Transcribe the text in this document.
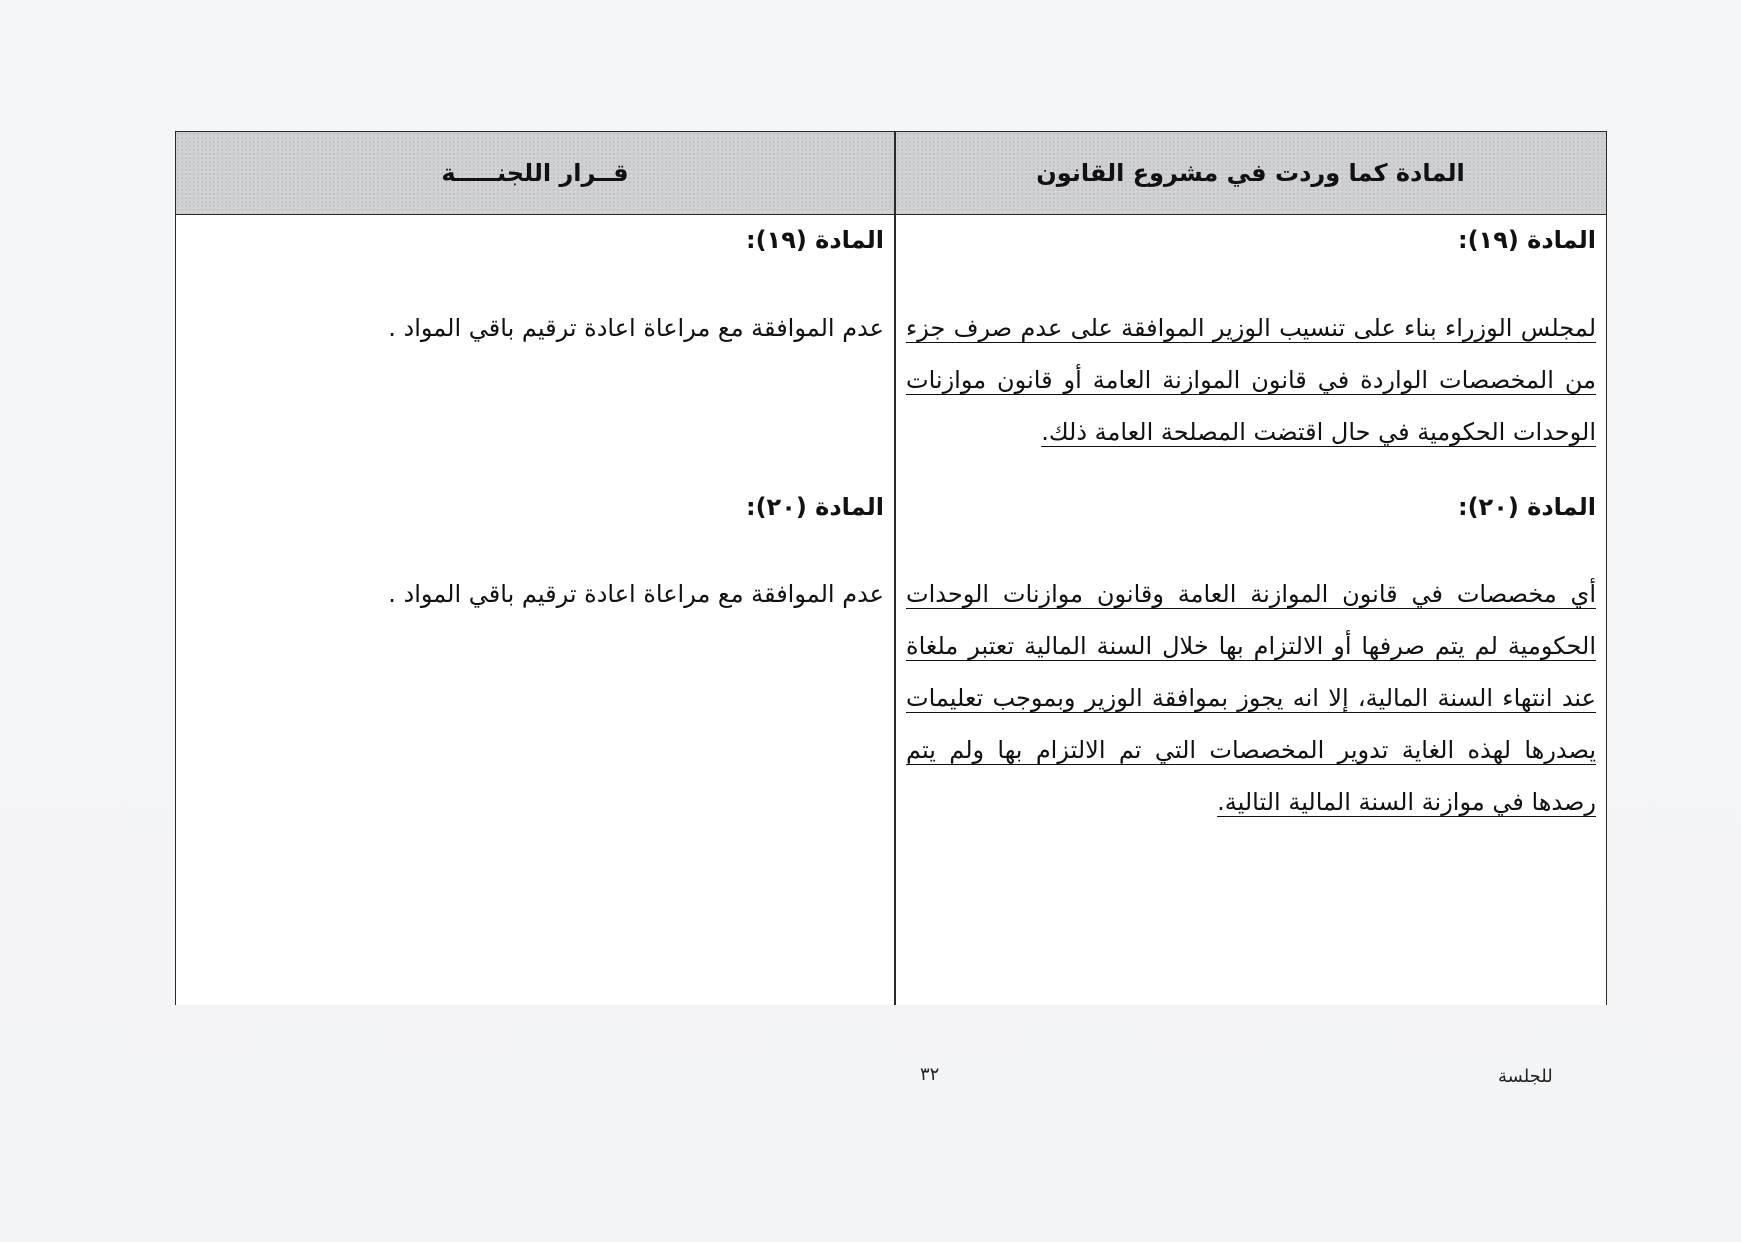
المادة كما وردت في مشروع القانون
قــرار اللجنـــــة
المادة (١٩):
لمجلس الوزراء بناء على تنسيب الوزير الموافقة على عدم صرف جزء من المخصصات الواردة في قانون الموازنة العامة أو قانون موازنات الوحدات الحكومية في حال اقتضت المصلحة العامة ذلك.
المادة (١٩):
عدم الموافقة مع مراعاة اعادة ترقيم باقي المواد .
المادة (٢٠):
أي مخصصات في قانون الموازنة العامة وقانون موازنات الوحدات الحكومية لم يتم صرفها أو الالتزام بها خلال السنة المالية تعتبر ملغاة عند انتهاء السنة المالية، إلا انه يجوز بموافقة الوزير وبموجب تعليمات يصدرها لهذه الغاية تدوير المخصصات التي تم الالتزام بها ولم يتم رصدها في موازنة السنة المالية التالية.
المادة (٢٠):
عدم الموافقة مع مراعاة اعادة ترقيم باقي المواد .
٣٢	للجلسة
